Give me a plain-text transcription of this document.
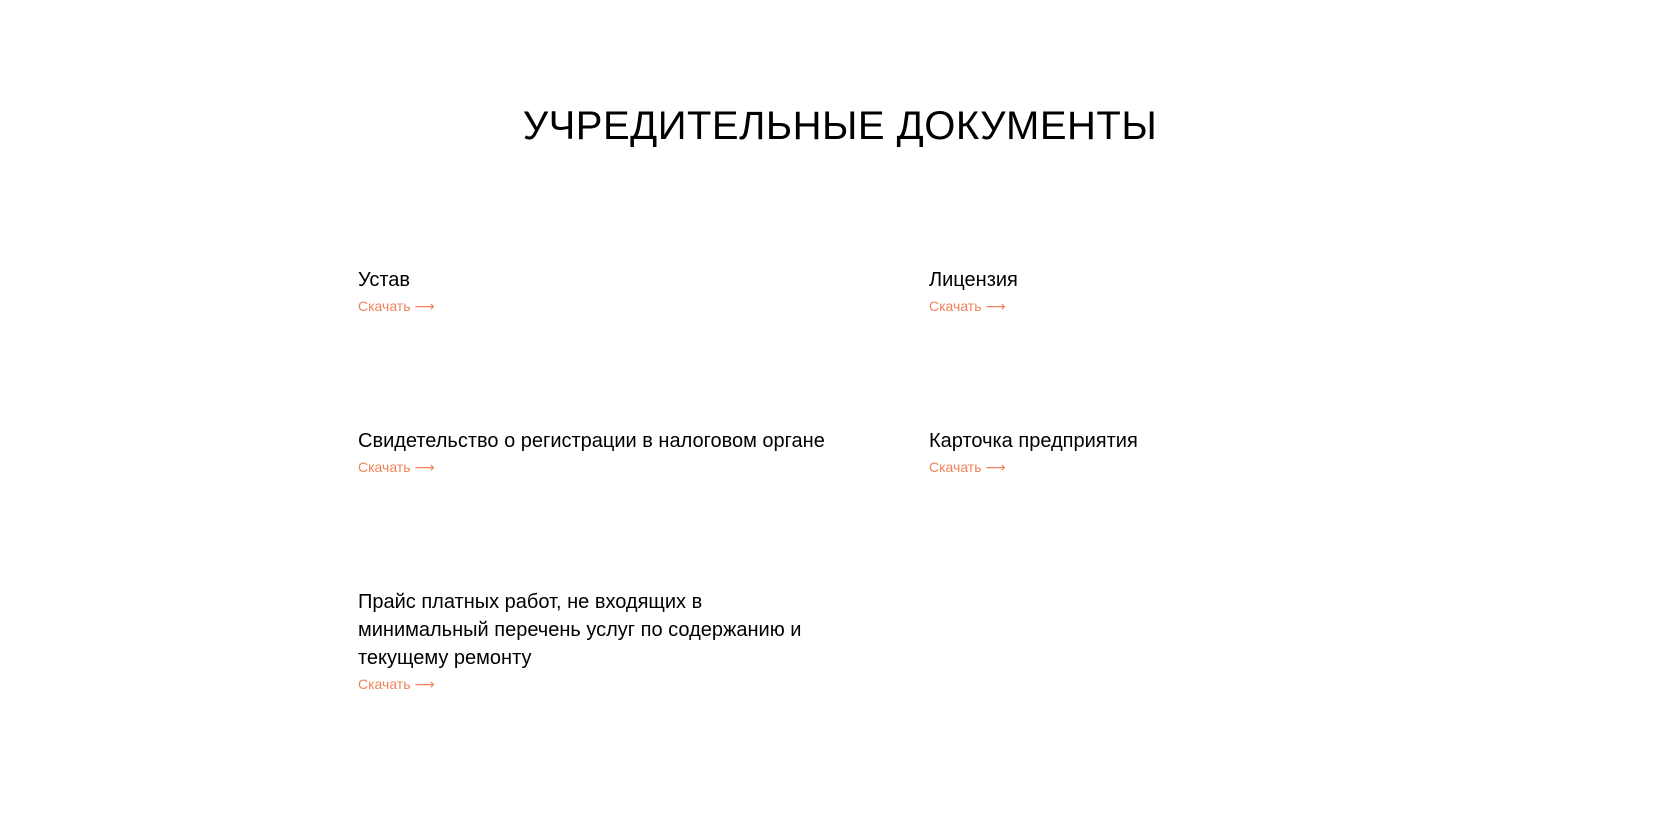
УЧРЕДИТЕЛЬНЫЕ ДОКУМЕНТЫ

Устав

Скачать ⟶

Лицензия

Скачать ⟶

Свидетельство о регистрации в налоговом органе

Скачать ⟶

Карточка предприятия

Скачать ⟶

Прайс платных работ, не входящих в минимальный перечень услуг по содержанию и текущему ремонту

Скачать ⟶
